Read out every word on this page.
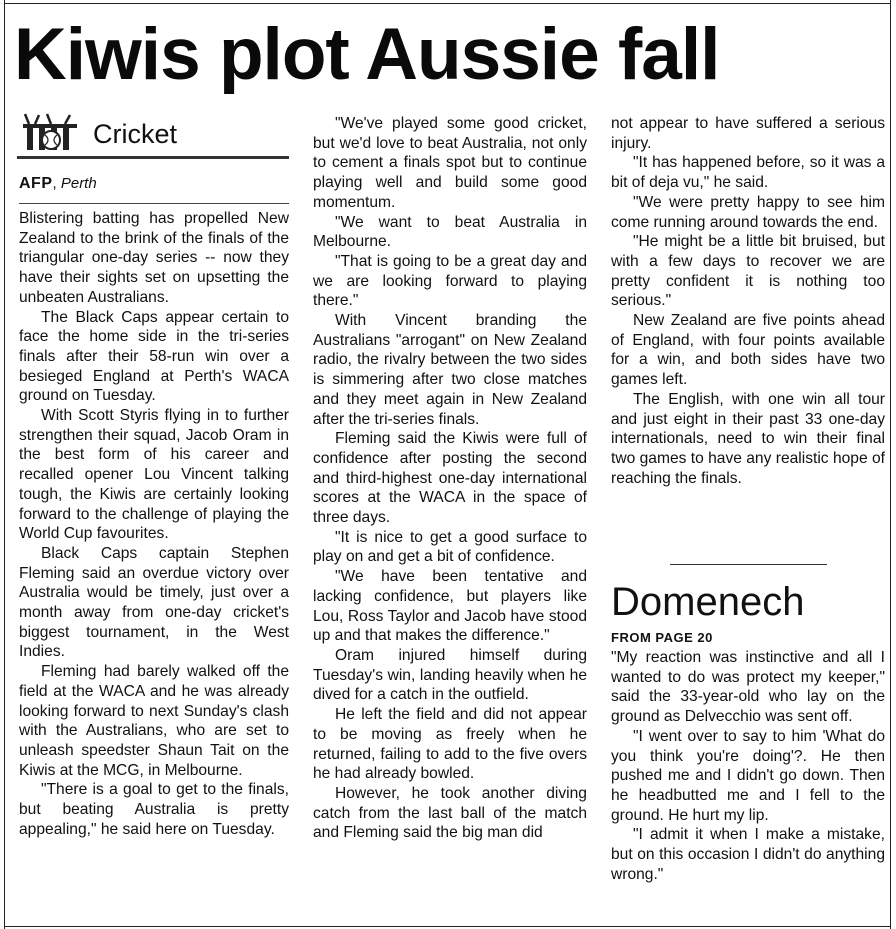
Kiwis plot Aussie fall
Cricket
AFP, Perth

Blistering batting has propelled New Zealand to the brink of the finals of the triangular one-day series -- now they have their sights set on upsetting the unbeaten Australians.

The Black Caps appear certain to face the home side in the tri-series finals after their 58-run win over a besieged England at Perth's WACA ground on Tuesday.

With Scott Styris flying in to further strengthen their squad, Jacob Oram in the best form of his career and recalled opener Lou Vincent talking tough, the Kiwis are certainly looking forward to the challenge of playing the World Cup favourites.

Black Caps captain Stephen Fleming said an overdue victory over Australia would be timely, just over a month away from one-day cricket's biggest tournament, in the West Indies.

Fleming had barely walked off the field at the WACA and he was already looking forward to next Sunday's clash with the Australians, who are set to unleash speedster Shaun Tait on the Kiwis at the MCG, in Melbourne.

"There is a goal to get to the finals, but beating Australia is pretty appealing," he said here on Tuesday.

"We've played some good cricket, but we'd love to beat Australia, not only to cement a finals spot but to continue playing well and build some good momentum.

"We want to beat Australia in Melbourne.

"That is going to be a great day and we are looking forward to playing there."

With Vincent branding the Australians "arrogant" on New Zealand radio, the rivalry between the two sides is simmering after two close matches and they meet again in New Zealand after the tri-series finals.

Fleming said the Kiwis were full of confidence after posting the second and third-highest one-day international scores at the WACA in the space of three days.

"It is nice to get a good surface to play on and get a bit of confidence.

"We have been tentative and lacking confidence, but players like Lou, Ross Taylor and Jacob have stood up and that makes the difference."

Oram injured himself during Tuesday's win, landing heavily when he dived for a catch in the outfield.

He left the field and did not appear to be moving as freely when he returned, failing to add to the five overs he had already bowled.

However, he took another diving catch from the last ball of the match and Fleming said the big man did

not appear to have suffered a serious injury.

"It has happened before, so it was a bit of deja vu," he said.

"We were pretty happy to see him come running around towards the end.

"He might be a little bit bruised, but with a few days to recover we are pretty confident it is nothing too serious."

New Zealand are five points ahead of England, with four points available for a win, and both sides have two games left.

The English, with one win all tour and just eight in their past 33 one-day internationals, need to win their final two games to have any realistic hope of reaching the finals.

Domenech
FROM PAGE 20

"My reaction was instinctive and all I wanted to do was protect my keeper," said the 33-year-old who lay on the ground as Delvecchio was sent off.

"I went over to say to him 'What do you think you're doing'?. He then pushed me and I didn't go down. Then he headbutted me and I fell to the ground. He hurt my lip.

"I admit it when I make a mistake, but on this occasion I didn't do anything wrong."
